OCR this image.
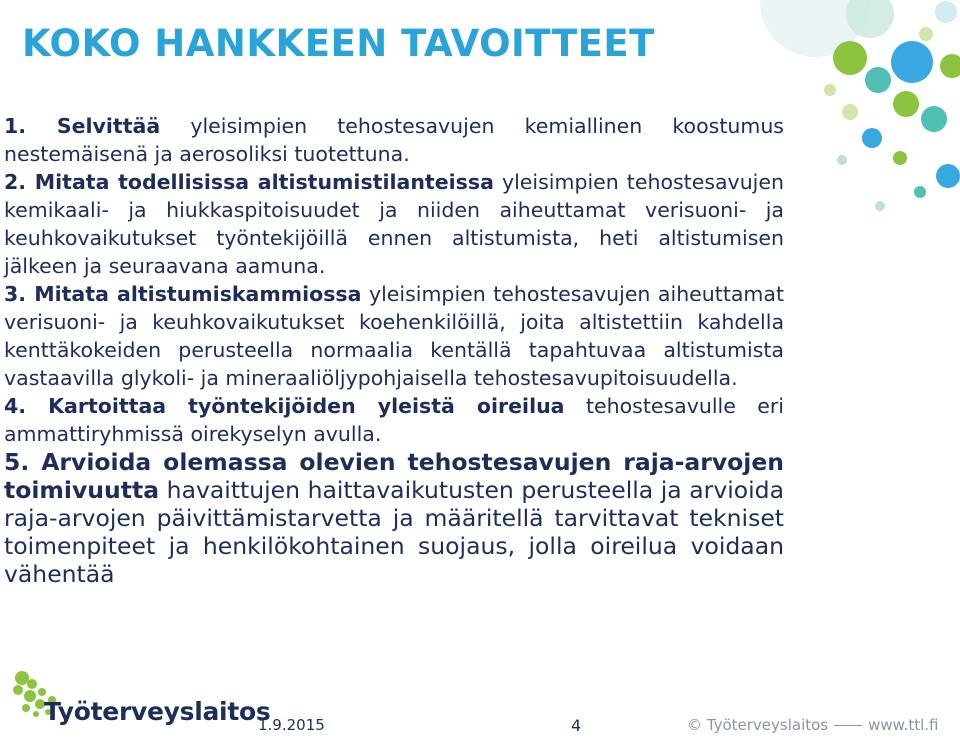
KOKO HANKKEEN TAVOITTEET

1. Selvittää yleisimpien tehostesavujen kemiallinen koostumus nestemäisenä ja aerosoliksi tuotettuna.

2. Mitata todellisissa altistumistilanteissa yleisimpien tehostesavujen kemikaali- ja hiukkaspitoisuudet ja niiden aiheuttamat verisuoni- ja keuhkovaikutukset työntekijöillä ennen altistumista, heti altistumisen jälkeen ja seuraavana aamuna.

3. Mitata altistumiskammiossa yleisimpien tehostesavujen aiheuttamat verisuoni- ja keuhkovaikutukset koehenkilöillä, joita altistettiin kahdella kenttäkokeiden perusteella normaalia kentällä tapahtuvaa altistumista vastaavilla glykoli- ja mineraaliöljypohjaisella tehostesavupitoisuudella.

4. Kartoittaa työntekijöiden yleistä oireilua tehostesavulle eri ammattiryhmissä oirekyselyn avulla.

5. Arvioida olemassa olevien tehostesavujen raja-arvojen toimivuutta havaittujen haittavaikutusten perusteella ja arvioida raja-arvojen päivittämistarvetta ja määritellä tarvittavat tekniset toimenpiteet ja henkilökohtainen suojaus, jolla oireilua voidaan vähentää

Työterveyslaitos
1.9.2015	4	© Työterveyslaitos	www.ttl.fi
